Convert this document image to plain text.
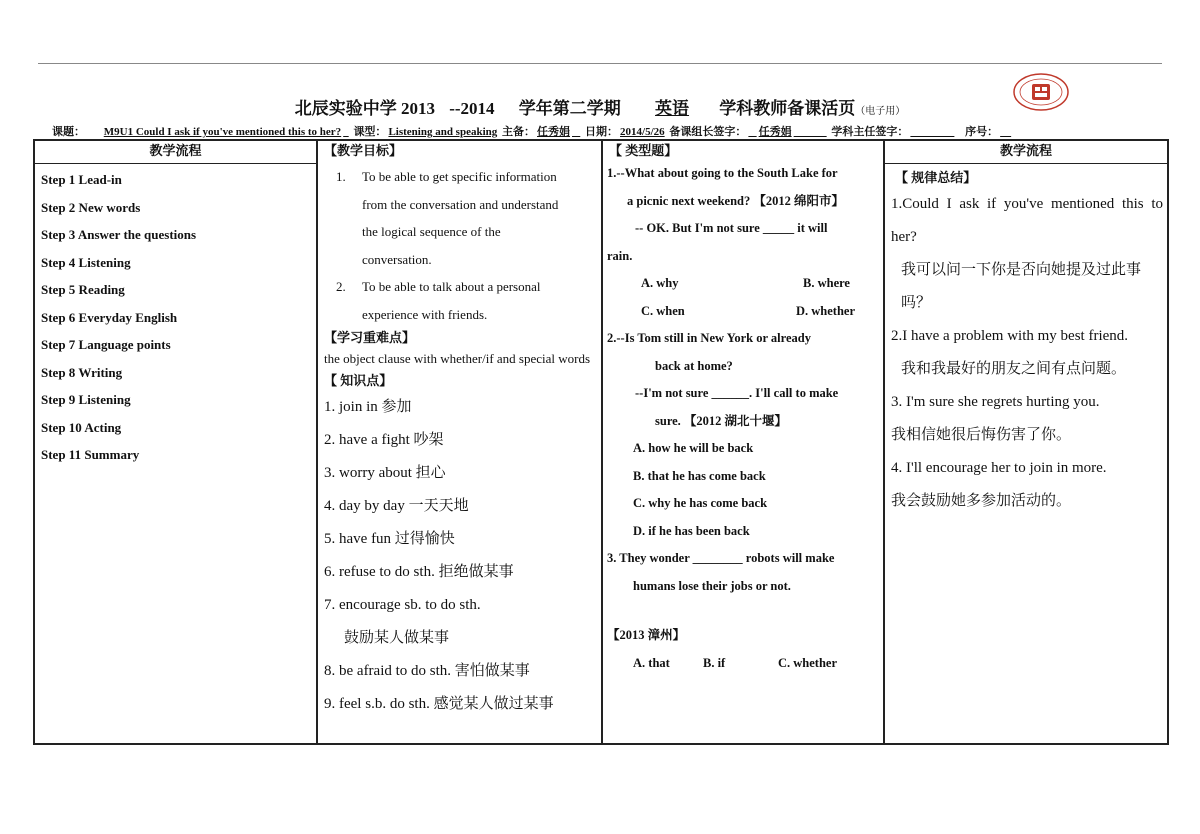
北辰实验中学 2013 --2014 学年第二学期 英语 学科教师备课活页（电子用）
课题： M9U1 Could I ask if you've mentioned this to her? 课型： Listening and speaking 主备： 任秀娟 日期： 2014/5/26 备课组长签字： 任秀娟	学科主任签字：	序号：
教学流程
Step 1 Lead-in
Step 2 New words
Step 3 Answer the questions
Step 4 Listening
Step 5 Reading
Step 6 Everyday English
Step 7 Language points
Step 8 Writing
Step 9 Listening
Step 10 Acting
Step 11 Summary

【教学目标】
1. To be able to get specific information
from the conversation and understand
the logical sequence of the
conversation.
2. To be able to talk about a personal
experience with friends.
【学习重难点】
the object clause with whether/if and special words
【 知识点】
1. join in 参加
2. have a fight 吵架
3. worry about 担心
4. day by day 一天天地
5. have fun 过得愉快
6. refuse to do sth. 拒绝做某事
7. encourage sb. to do sth.
鼓励某人做某事
8. be afraid to do sth. 害怕做某事
9. feel s.b. do sth. 感觉某人做过某事

【 类型题】
1.--What about going to the South Lake for
a picnic next weekend? 【2012 绵阳市】
-- OK. But I'm not sure _____ it will
rain.
A. why	B. where
C. when	D. whether
2.--Is Tom still in New York or already
back at home?
--I'm not sure ______. I'll call to make
sure. 【2012 湖北十堰】
A. how he will be back
B. that he has come back
C. why he has come back
D. if he has been back
3. They wonder ________ robots will make
humans lose their jobs or not.
【2013 漳州】
A. that	B. if	C. whether

教学流程
【 规律总结】
1.Could I ask if you've mentioned this to her?
我可以问一下你是否向她提及过此事吗？
2.I have a problem with my best friend.
我和我最好的朋友之间有点问题。
3. I'm sure she regrets hurting you.
我相信她很后悔伤害了你。
4. I'll encourage her to join in more.
我会鼓励她多参加活动的。
